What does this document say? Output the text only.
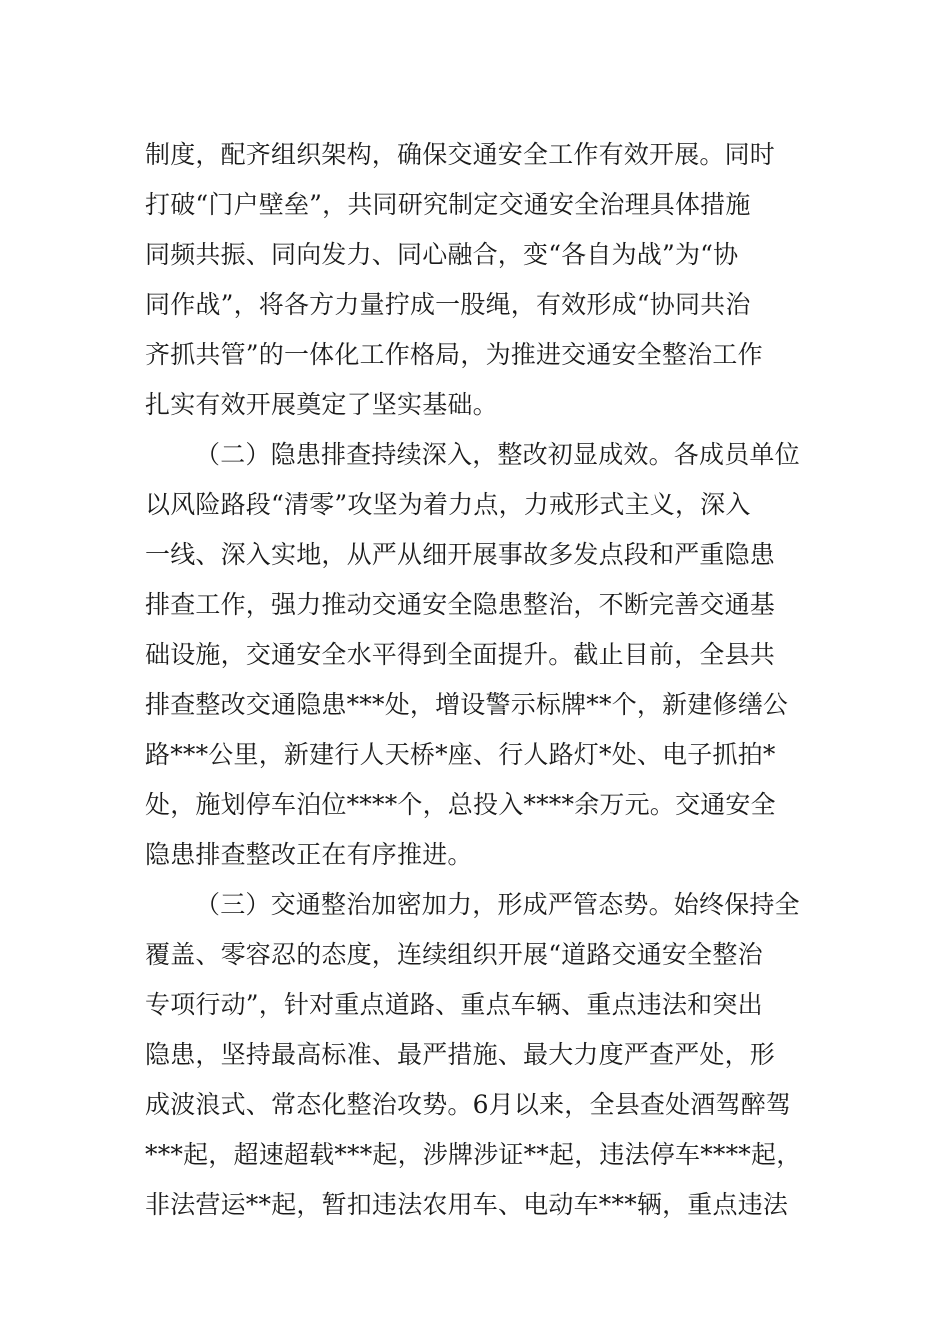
制度，配齐组织架构，确保交通安全工作有效开展。同时
打破“门户壁垒”，共同研究制定交通安全治理具体措施
同频共振、同向发力、同心融合，变“各自为战”为“协
同作战”，将各方力量拧成一股绳，有效形成“协同共治
齐抓共管”的一体化工作格局，为推进交通安全整治工作
扎实有效开展奠定了坚实基础。
（二）隐患排查持续深入，整改初显成效。各成员单位
以风险路段“清零”攻坚为着力点，力戒形式主义，深入
一线、深入实地，从严从细开展事故多发点段和严重隐患
排查工作，强力推动交通安全隐患整治，不断完善交通基
础设施，交通安全水平得到全面提升。截止目前，全县共
排查整改交通隐患***处，增设警示标牌**个，新建修缮公
路***公里，新建行人天桥*座、行人路灯*处、电子抓拍*
处，施划停车泊位****个，总投入****余万元。交通安全
隐患排查整改正在有序推进。
（三）交通整治加密加力，形成严管态势。始终保持全
覆盖、零容忍的态度，连续组织开展“道路交通安全整治
专项行动”，针对重点道路、重点车辆、重点违法和突出
隐患，坚持最高标准、最严措施、最大力度严查严处，形
成波浪式、常态化整治攻势。6月以来，全县查处酒驾醉驾
***起，超速超载***起，涉牌涉证**起，违法停车****起，
非法营运**起，暂扣违法农用车、电动车***辆，重点违法
